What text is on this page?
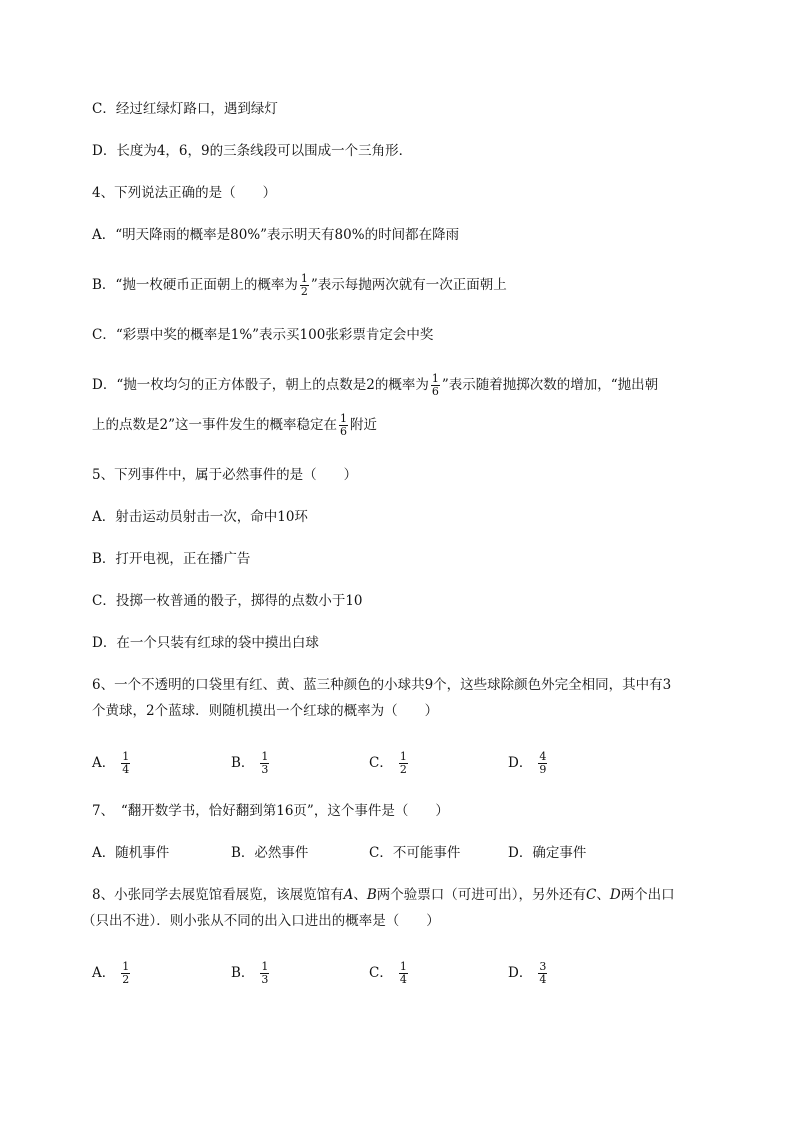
C．经过红绿灯路口，遇到绿灯
D．长度为4，6，9的三条线段可以围成一个三角形．
4、下列说法正确的是（　　）
A．“明天降雨的概率是80%”表示明天有80%的时间都在降雨
B．“抛一枚硬币正面朝上的概率为 $\frac{1}{2}$ ”表示每抛两次就有一次正面朝上
C．“彩票中奖的概率是1%”表示买100张彩票肯定会中奖
D．“抛一枚均匀的正方体骰子，朝上的点数是2的概率为 $\frac{1}{6}$ ”表示随着抛掷次数的增加，“抛出朝
上的点数是2”这一事件发生的概率稳定在 $\frac{1}{6}$ 附近
5、下列事件中，属于必然事件的是（　　）
A．射击运动员射击一次，命中10环
B．打开电视，正在播广告
C．投掷一枚普通的骰子，掷得的点数小于10
D．在一个只装有红球的袋中摸出白球
6、一个不透明的口袋里有红、黄、蓝三种颜色的小球共9个，这些球除颜色外完全相同，其中有3
个黄球，2个蓝球．则随机摸出一个红球的概率为（　　）
A． $\frac{1}{4}$	B． $\frac{1}{3}$	C． $\frac{1}{2}$	D． $\frac{4}{9}$
7、　“翻开数学书，恰好翻到第16页”，这个事件是（　　）
A．随机事件	B．必然事件	C．不可能事件	D．确定事件
8、小张同学去展览馆看展览，该展览馆有A、B两个验票口（可进可出），另外还有C、D两个出口
（只出不进）．则小张从不同的出入口进出的概率是（　　）
A． $\frac{1}{2}$	B． $\frac{1}{3}$	C． $\frac{1}{4}$	D． $\frac{3}{4}$
